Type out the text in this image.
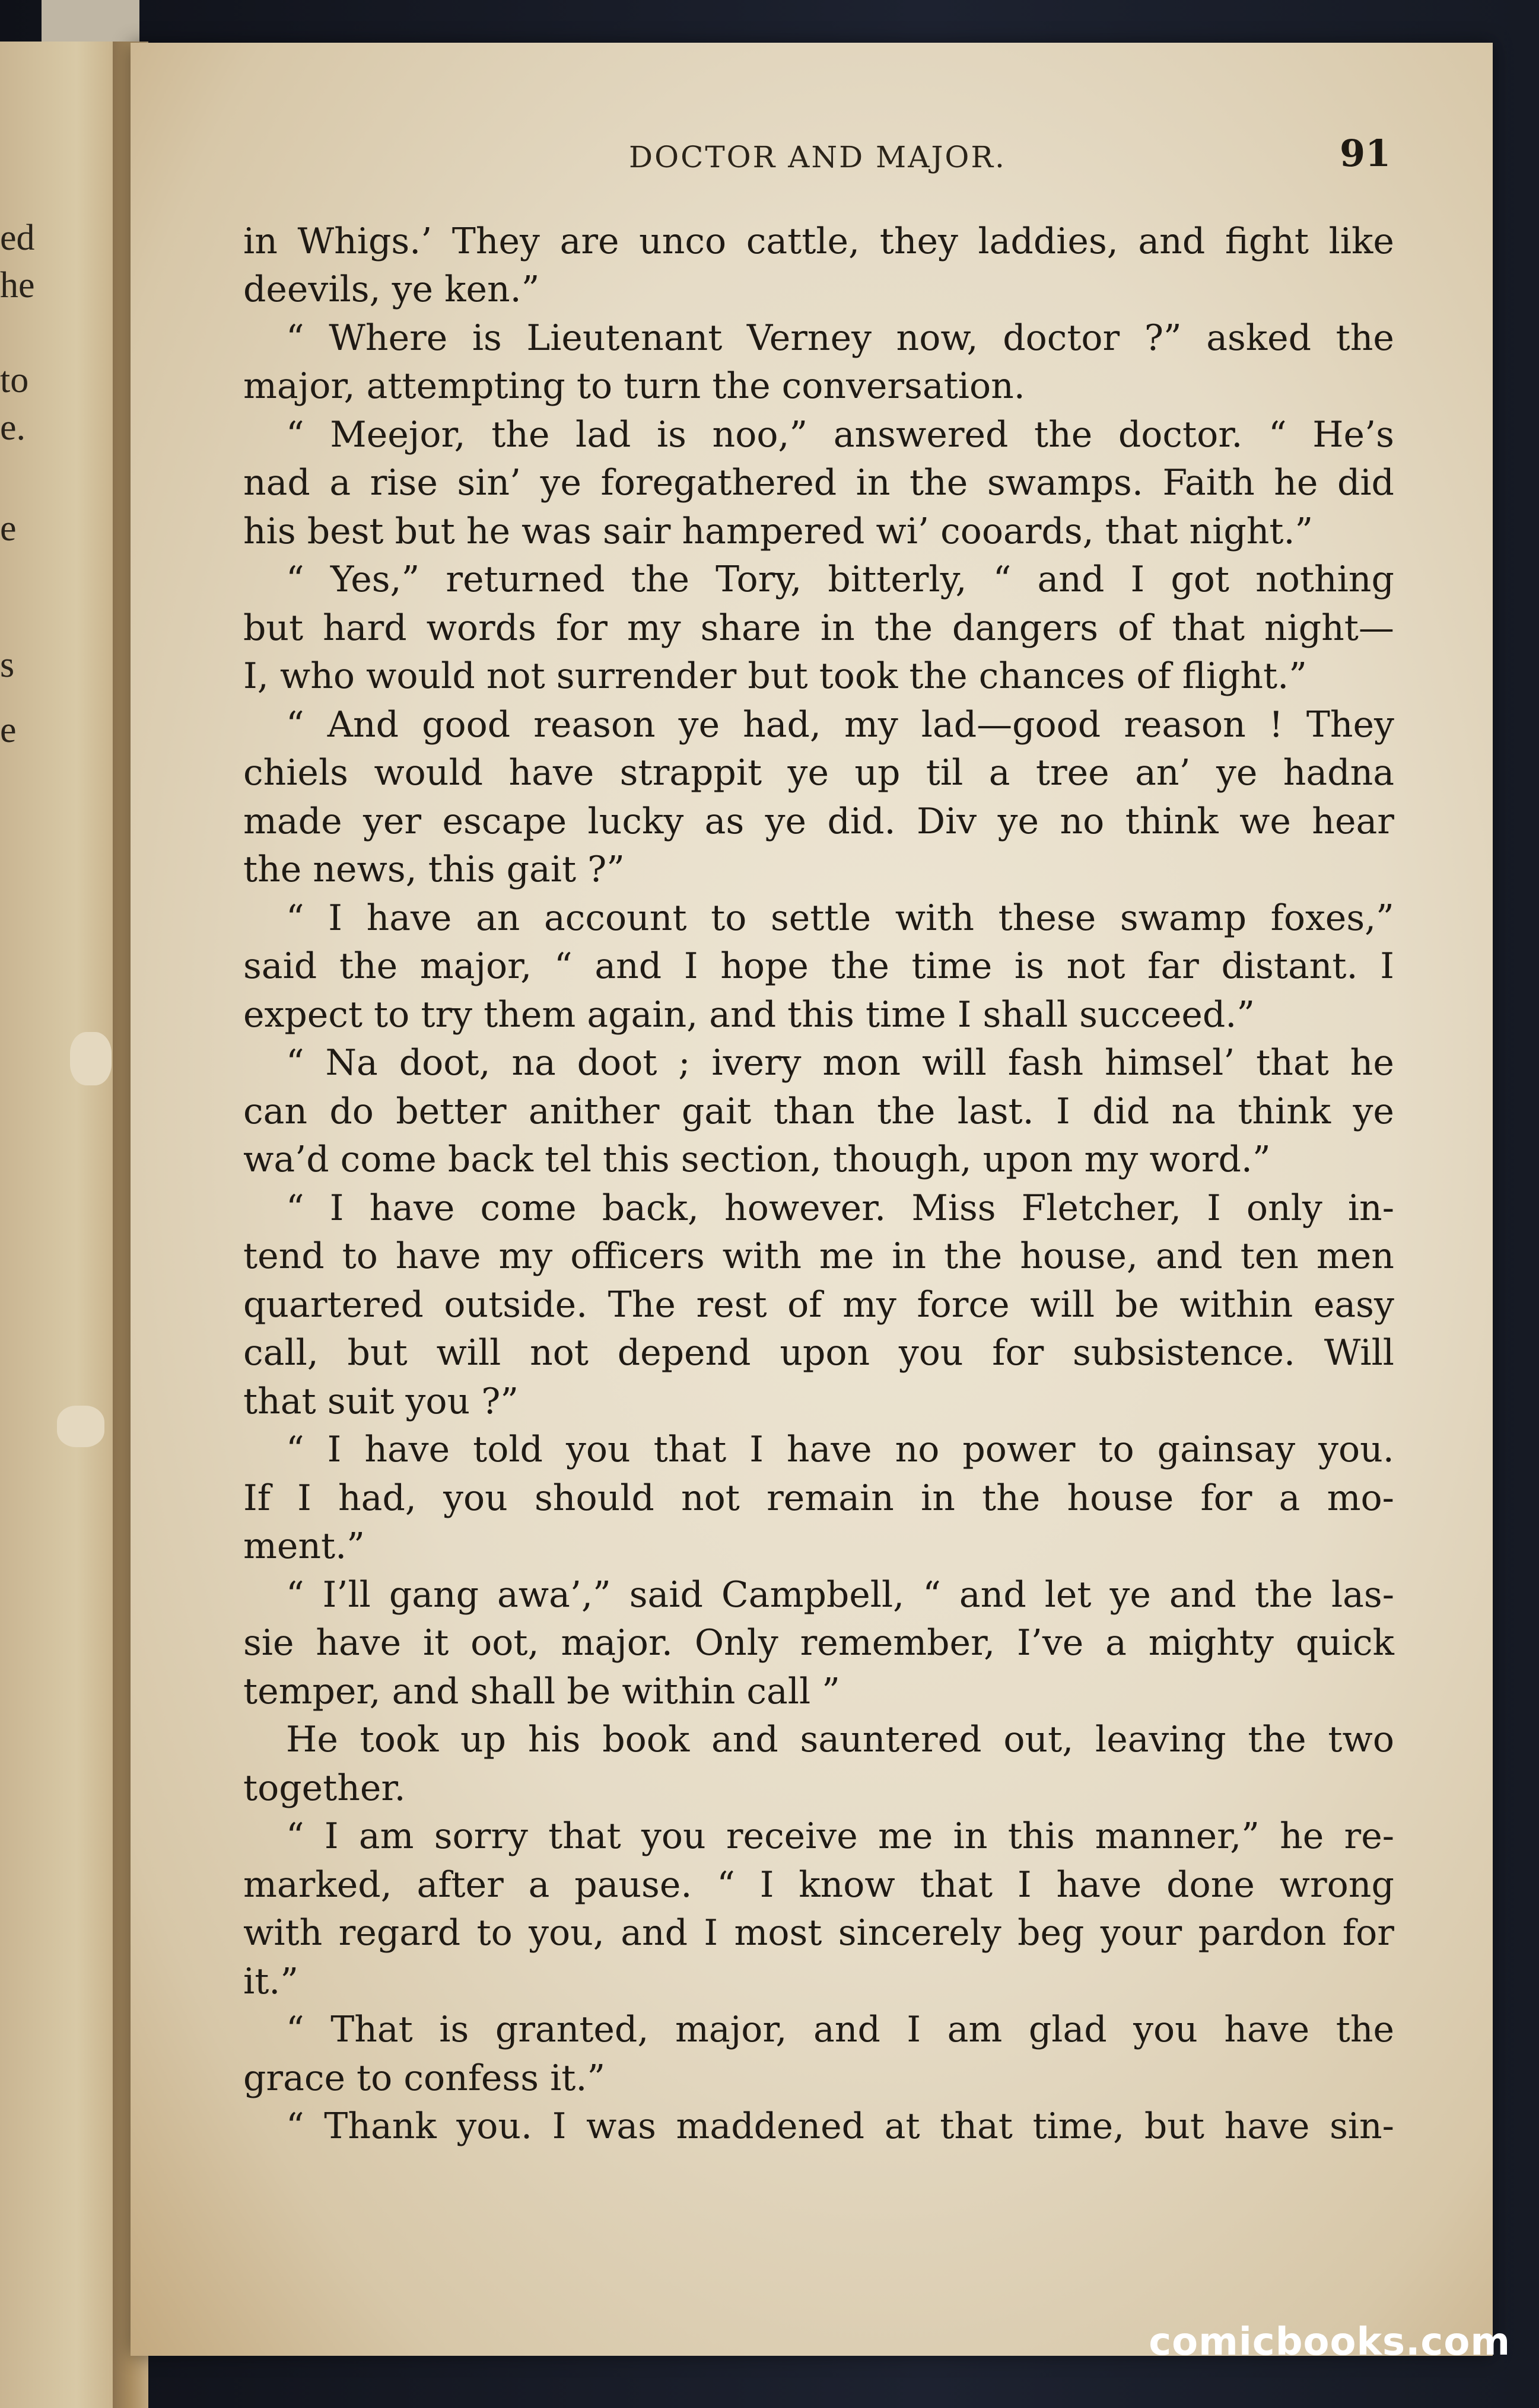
ed
he
to
e.
e
s
e
DOCTOR AND MAJOR.	91
in Whigs.’ They are unco cattle, they laddies, and fight like
deevils, ye ken.”
“ Where is Lieutenant Verney now, doctor ?” asked the
major, attempting to turn the conversation.
“ Meejor, the lad is noo,” answered the doctor. “ He’s
nad a rise sin’ ye foregathered in the swamps. Faith he did
his best but he was sair hampered wi’ cooards, that night.”
“ Yes,” returned the Tory, bitterly, “ and I got nothing
but hard words for my share in the dangers of that night—
I, who would not surrender but took the chances of flight.”
“ And good reason ye had, my lad—good reason ! They
chiels would have strappit ye up til a tree an’ ye hadna
made yer escape lucky as ye did. Div ye no think we hear
the news, this gait ?”
“ I have an account to settle with these swamp foxes,”
said the major, “ and I hope the time is not far distant. I
expect to try them again, and this time I shall succeed.”
“ Na doot, na doot ; ivery mon will fash himsel’ that he
can do better anither gait than the last. I did na think ye
wa’d come back tel this section, though, upon my word.”
“ I have come back, however. Miss Fletcher, I only in-
tend to have my officers with me in the house, and ten men
quartered outside. The rest of my force will be within easy
call, but will not depend upon you for subsistence. Will
that suit you ?”
“ I have told you that I have no power to gainsay you.
If I had, you should not remain in the house for a mo-
ment.”
“ I’ll gang awa’,” said Campbell, “ and let ye and the las-
sie have it oot, major. Only remember, I’ve a mighty quick
temper, and shall be within call ”
He took up his book and sauntered out, leaving the two
together.
“ I am sorry that you receive me in this manner,” he re-
marked, after a pause. “ I know that I have done wrong
with regard to you, and I most sincerely beg your pardon for
it.”
“ That is granted, major, and I am glad you have the
grace to confess it.”
“ Thank you. I was maddened at that time, but have sin-
comicbooks.com
